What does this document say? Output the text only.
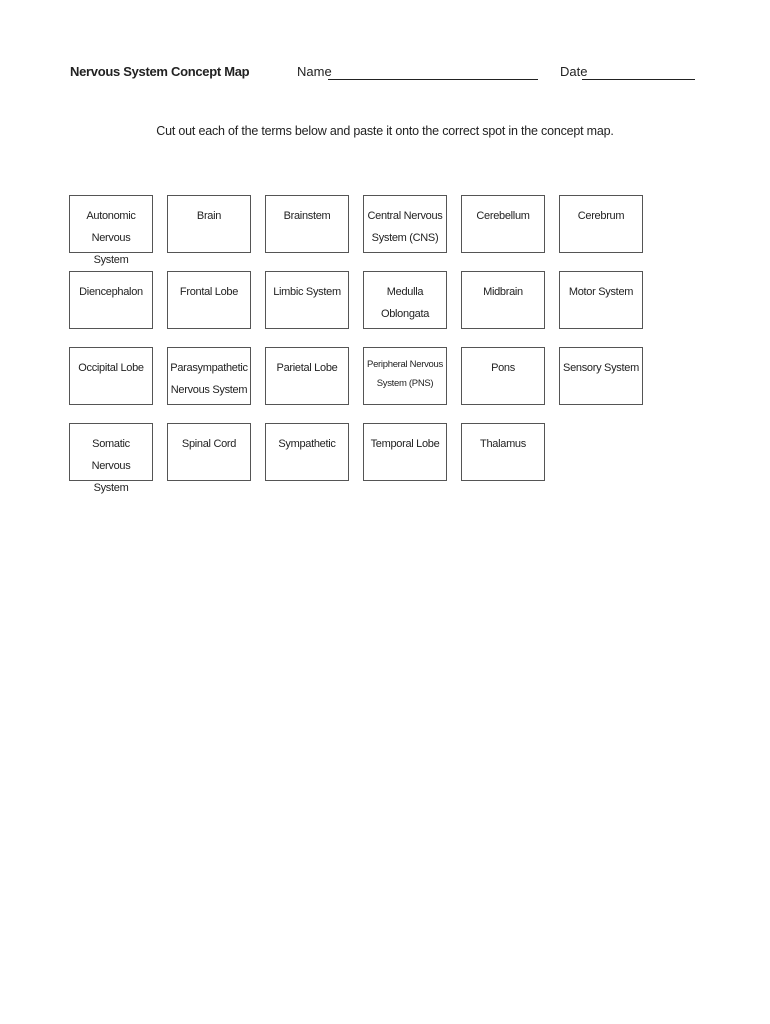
Nervous System Concept Map	Name	Date
Cut out each of the terms below and paste it onto the correct spot in the concept map.
Autonomic Nervous System
Brain	Brainstem	Central Nervous System (CNS)
Cerebellum	Cerebrum
Diencephalon	Frontal Lobe	Limbic System	Medulla Oblongata
Midbrain	Motor System
Occipital Lobe Parasympathetic Nervous System
Parietal Lobe	Peripheral Nervous System (PNS)
Pons	Sensory System
Somatic Nervous System
Spinal Cord	Sympathetic	Temporal Lobe	Thalamus
